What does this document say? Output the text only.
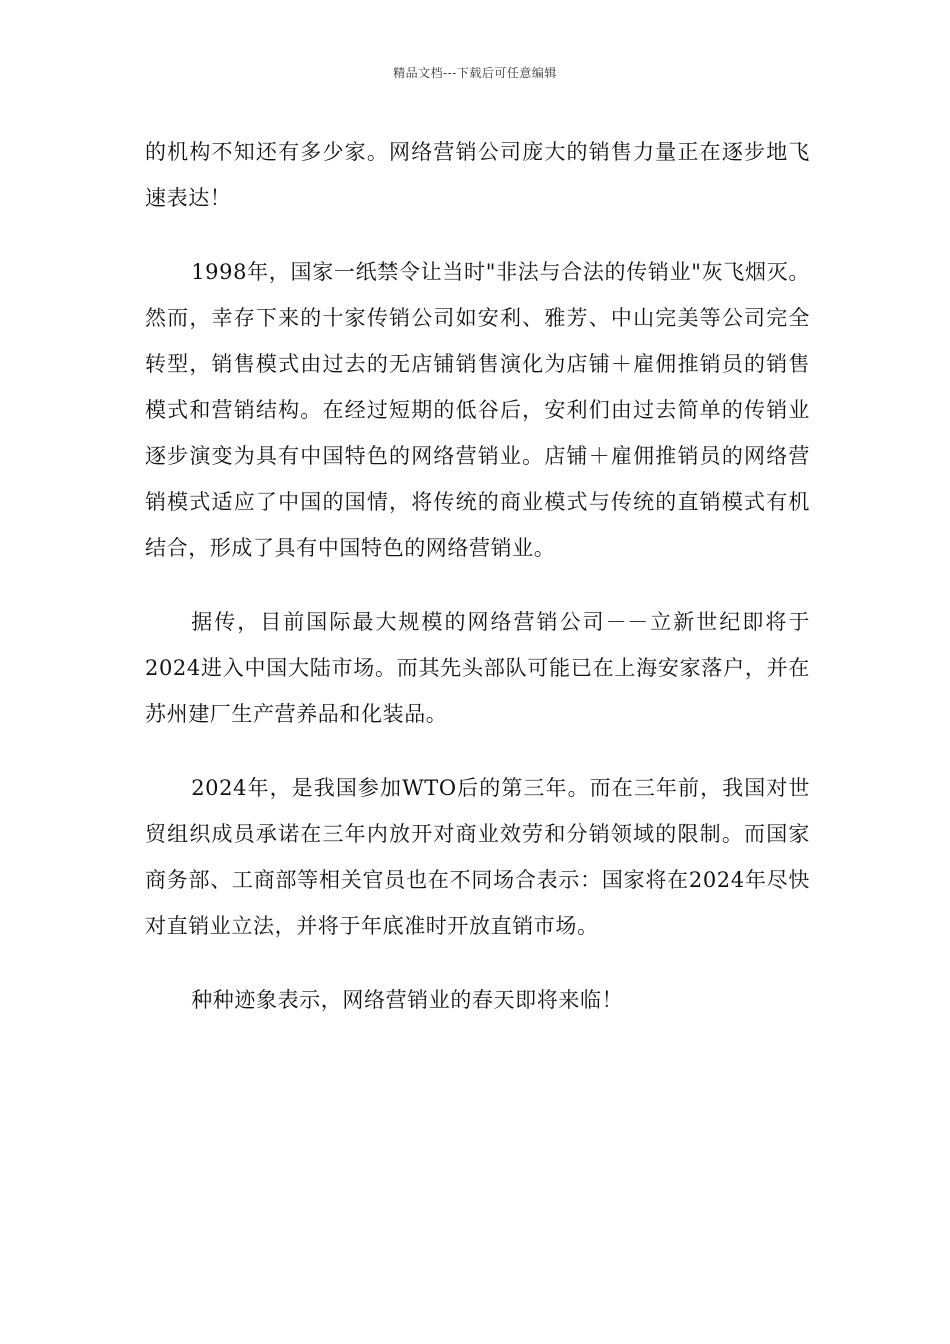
精品文档---下载后可任意编辑

的机构不知还有多少家。网络营销公司庞大的销售力量正在逐步地飞速表达！

1998年，国家一纸禁令让当时"非法与合法的传销业"灰飞烟灭。然而，幸存下来的十家传销公司如安利、雅芳、中山完美等公司完全转型，销售模式由过去的无店铺销售演化为店铺＋雇佣推销员的销售模式和营销结构。在经过短期的低谷后，安利们由过去简单的传销业逐步演变为具有中国特色的网络营销业。店铺＋雇佣推销员的网络营销模式适应了中国的国情，将传统的商业模式与传统的直销模式有机结合，形成了具有中国特色的网络营销业。

据传，目前国际最大规模的网络营销公司－－立新世纪即将于2024进入中国大陆市场。而其先头部队可能已在上海安家落户，并在苏州建厂生产营养品和化装品。

2024年，是我国参加WTO后的第三年。而在三年前，我国对世贸组织成员承诺在三年内放开对商业效劳和分销领域的限制。而国家商务部、工商部等相关官员也在不同场合表示：国家将在2024年尽快对直销业立法，并将于年底准时开放直销市场。

种种迹象表示，网络营销业的春天即将来临！
